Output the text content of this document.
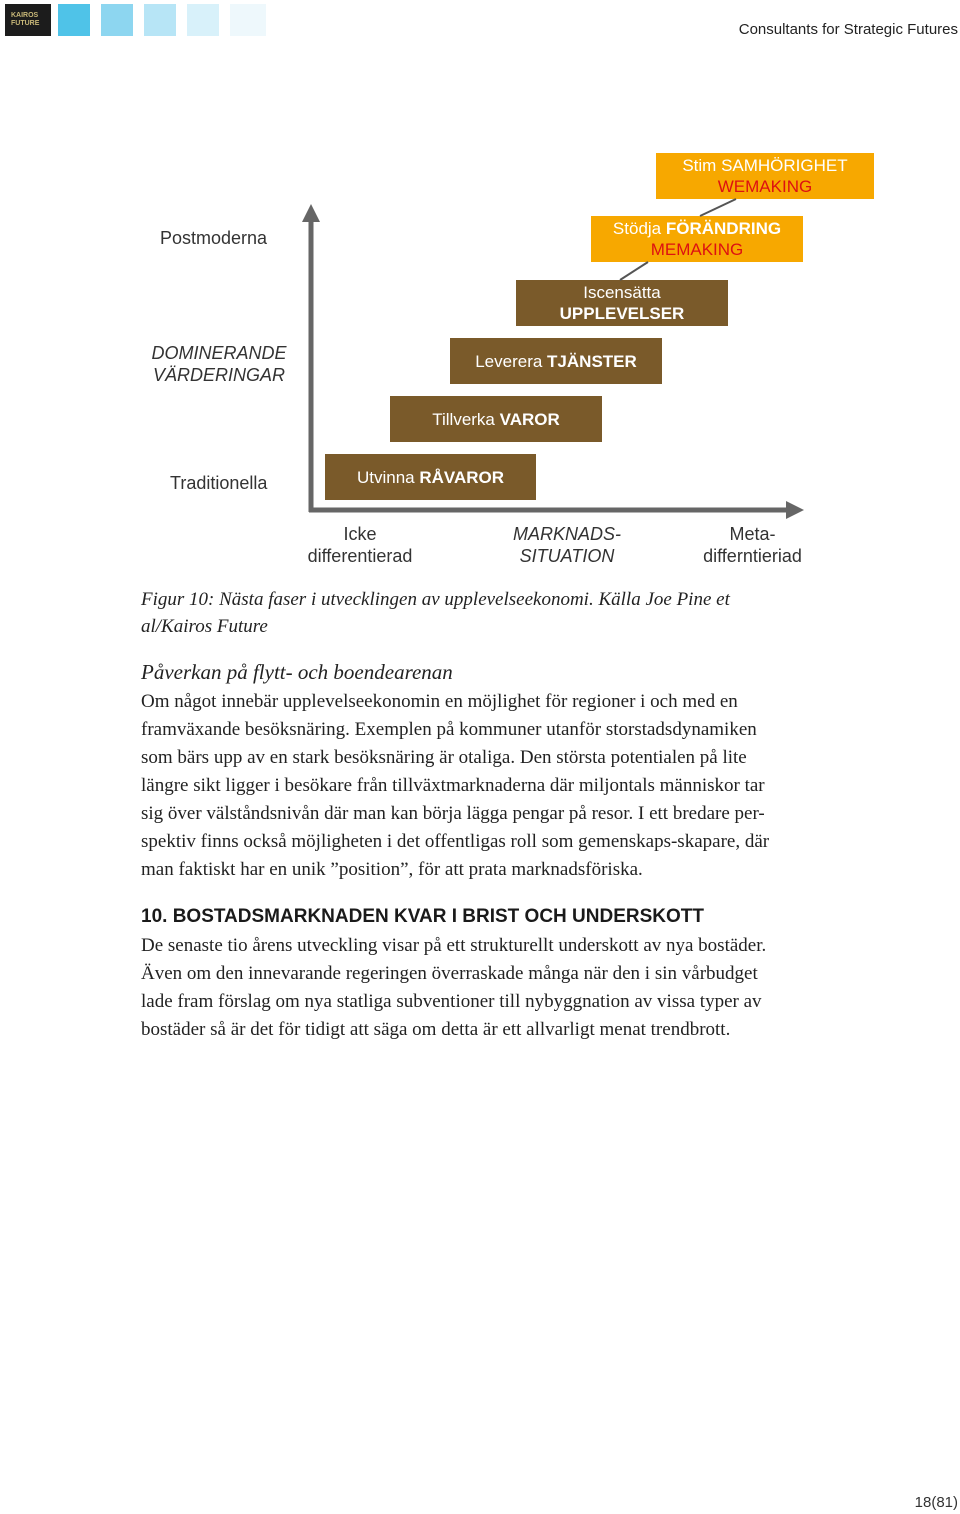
KAIROS
FUTURE	Consultants for Strategic Futures
Postmoderna
DOMINERANDE
VÄRDERINGAR
Traditionella
Icke
differentierad
MARKNADS-
SITUATION
Meta-
differntieriad
Utvinna RÅVAROR
Tillverka VAROR
Leverera TJÄNSTER
Iscensätta
UPPLEVELSER
Stödja FÖRÄNDRING
MEMAKING
Stim SAMHÖRIGHET
WEMAKING
Figur 10: Nästa faser i utvecklingen av upplevelseekonomi. Källa Joe Pine et
al/Kairos Future
Påverkan på flytt- och boendearenan
Om något innebär upplevelseekonomin en möjlighet för regioner i och med en
framväxande besöksnäring. Exemplen på kommuner utanför storstadsdynamiken
som bärs upp av en stark besöksnäring är otaliga. Den största potentialen på lite
längre sikt ligger i besökare från tillväxtmarknaderna där miljontals människor tar
sig över välståndsnivån där man kan börja lägga pengar på resor. I ett bredare per-
spektiv finns också möjligheten i det offentligas roll som gemenskaps-skapare, där
man faktiskt har en unik ”position”, för att prata marknadsföriska.
10. BOSTADSMARKNADEN KVAR I BRIST OCH UNDERSKOTT
De senaste tio årens utveckling visar på ett strukturellt underskott av nya bostäder.
Även om den innevarande regeringen överraskade många när den i sin vårbudget
lade fram förslag om nya statliga subventioner till nybyggnation av vissa typer av
bostäder så är det för tidigt att säga om detta är ett allvarligt menat trendbrott.
18(81)
